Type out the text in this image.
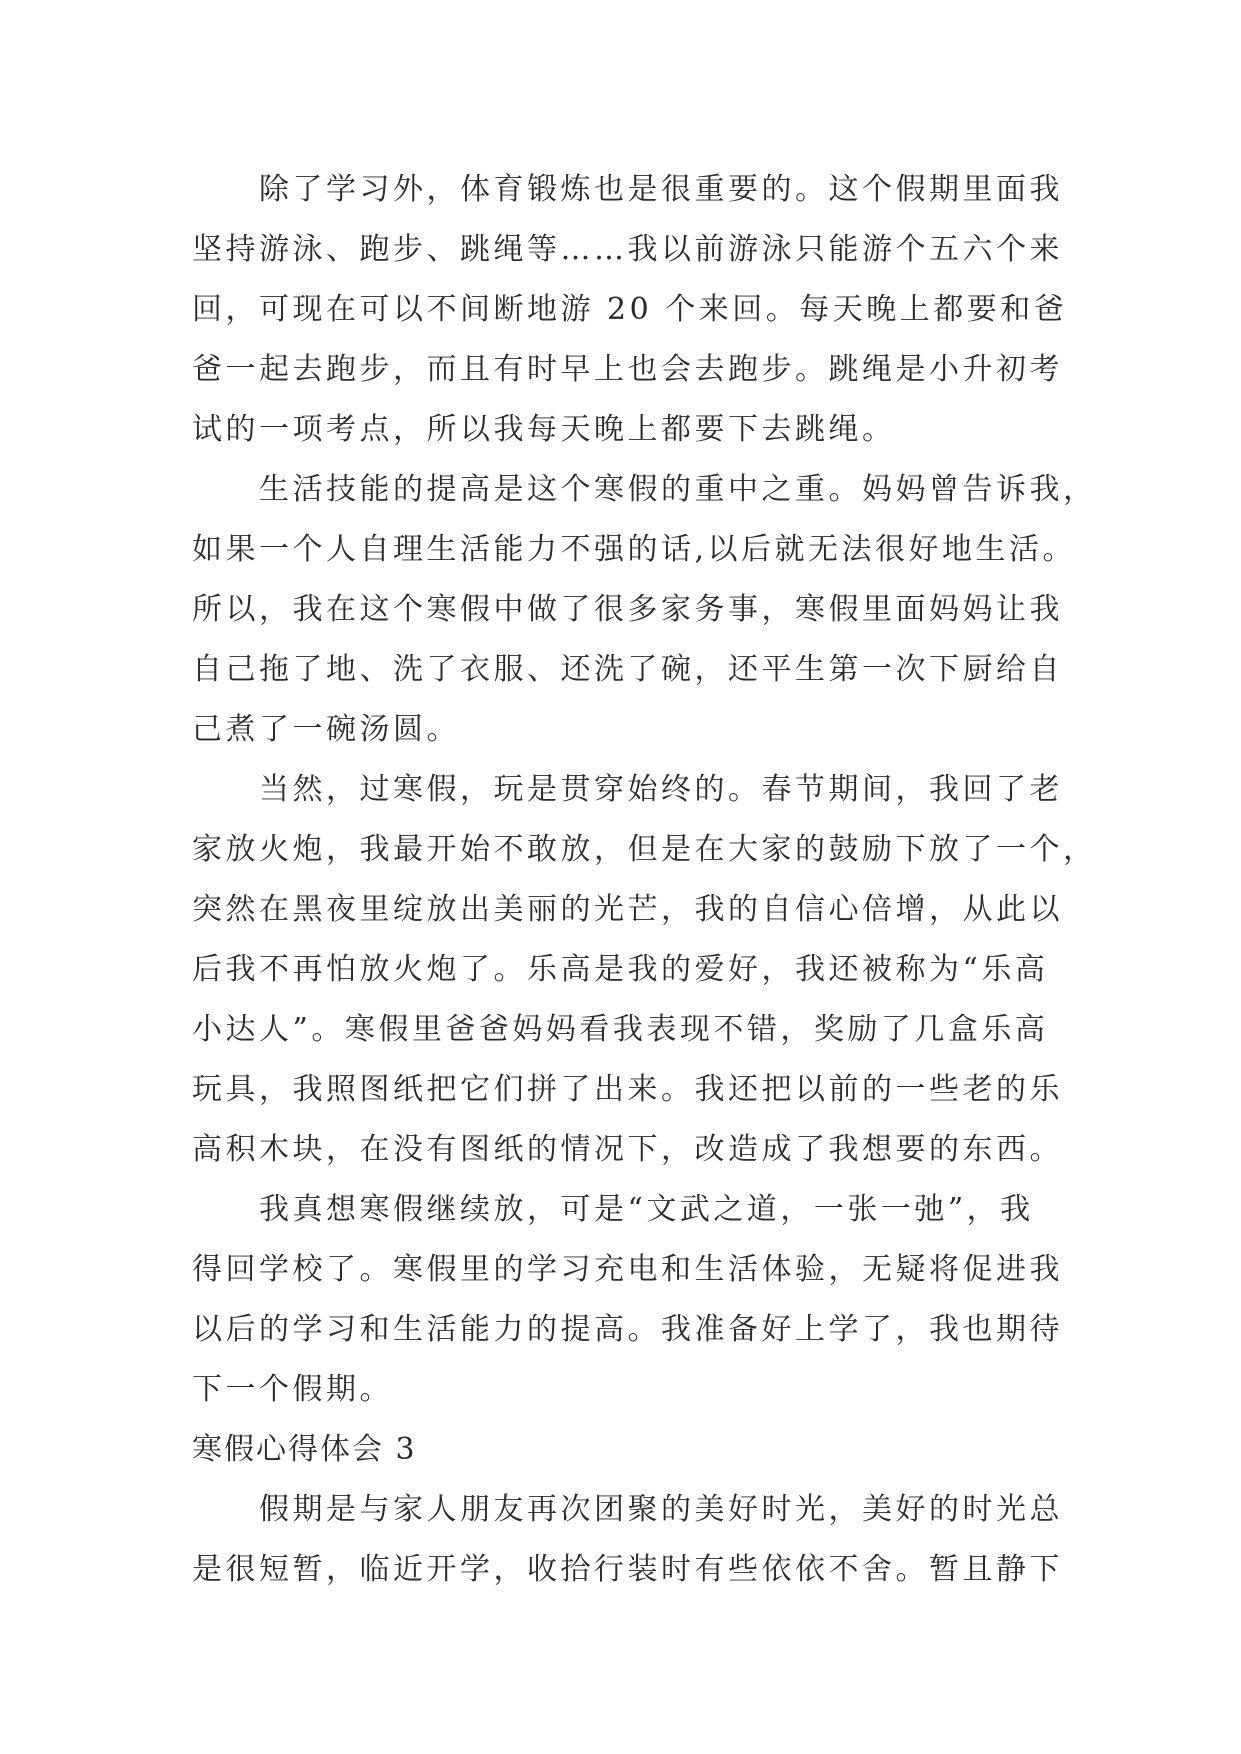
　　除了学习外，体育锻炼也是很重要的。这个假期里面我
坚持游泳、跑步、跳绳等……我以前游泳只能游个五六个来
回，可现在可以不间断地游 20 个来回。每天晚上都要和爸
爸一起去跑步，而且有时早上也会去跑步。跳绳是小升初考
试的一项考点，所以我每天晚上都要下去跳绳。
　　生活技能的提高是这个寒假的重中之重。妈妈曾告诉我，
如果一个人自理生活能力不强的话,以后就无法很好地生活。
所以，我在这个寒假中做了很多家务事，寒假里面妈妈让我
自己拖了地、洗了衣服、还洗了碗，还平生第一次下厨给自
己煮了一碗汤圆。
　　当然，过寒假，玩是贯穿始终的。春节期间，我回了老
家放火炮，我最开始不敢放，但是在大家的鼓励下放了一个，
突然在黑夜里绽放出美丽的光芒，我的自信心倍增，从此以
后我不再怕放火炮了。乐高是我的爱好，我还被称为“乐高
小达人”。寒假里爸爸妈妈看我表现不错，奖励了几盒乐高
玩具，我照图纸把它们拼了出来。我还把以前的一些老的乐
高积木块，在没有图纸的情况下，改造成了我想要的东西。
　　我真想寒假继续放，可是“文武之道，一张一弛”，我
得回学校了。寒假里的学习充电和生活体验，无疑将促进我
以后的学习和生活能力的提高。我准备好上学了，我也期待
下一个假期。
寒假心得体会 3
　　假期是与家人朋友再次团聚的美好时光，美好的时光总
是很短暂，临近开学，收拾行装时有些依依不舍。暂且静下
